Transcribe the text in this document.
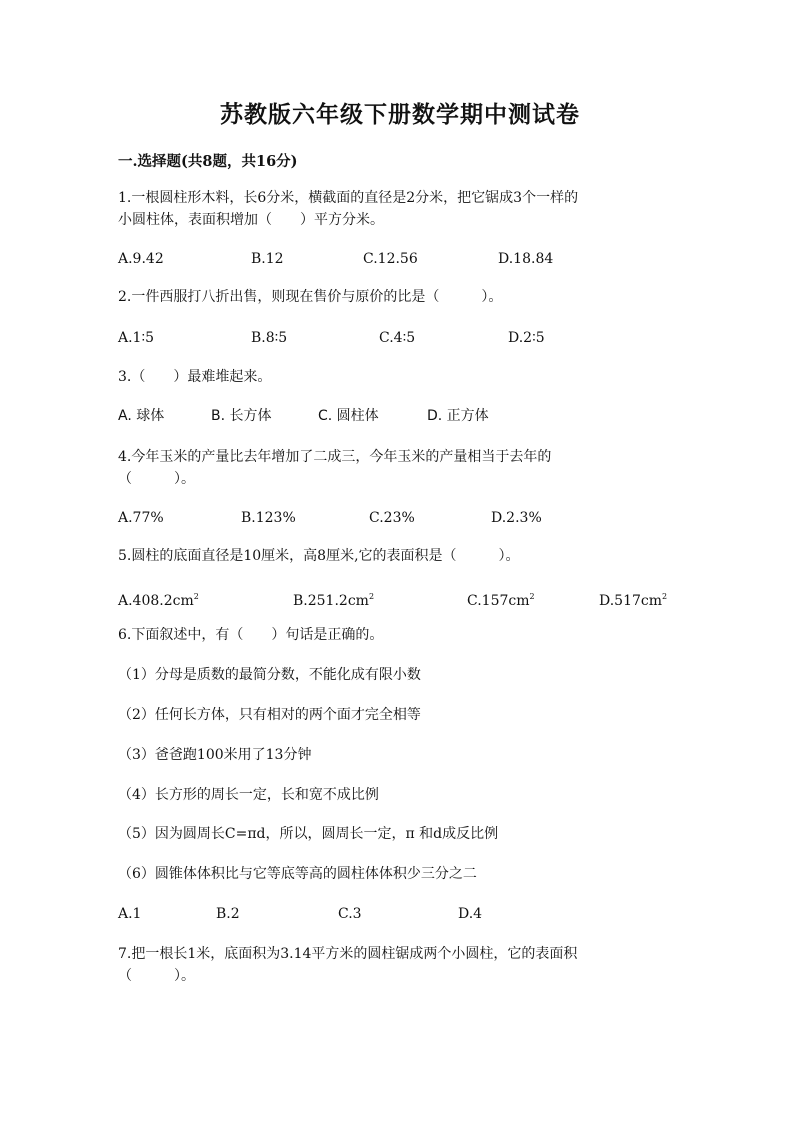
苏教版六年级下册数学期中测试卷
一.选择题(共8题，共16分)
1.一根圆柱形木料，长6分米，横截面的直径是2分米，把它锯成3个一样的
小圆柱体，表面积增加（　　）平方分米。
A.9.42	B.12	C.12.56	D.18.84
2.一件西服打八折出售，则现在售价与原价的比是（　　　）。
A.1∶5	B.8∶5	C.4∶5	D.2∶5
3.（　　）最难堆起来。
A. 球体	B. 长方体	C. 圆柱体	D. 正方体
4.今年玉米的产量比去年增加了二成三，今年玉米的产量相当于去年的
（　　　）。
A.77%	B.123%	C.23%	D.2.3%
5.圆柱的底面直径是10厘米，高8厘米,它的表面积是（　　　）。
$A.408.2cm^2$	$B.251.2cm^2$	$C.157cm^2$	$D.517cm^2$
6.下面叙述中，有（　　）句话是正确的。
（1）分母是质数的最简分数，不能化成有限小数
（2）任何长方体，只有相对的两个面才完全相等
（3）爸爸跑100米用了13分钟
（4）长方形的周长一定，长和宽不成比例
（5）因为圆周长C=πd，所以，圆周长一定，π 和d成反比例
（6）圆锥体体积比与它等底等高的圆柱体体积少三分之二
A.1	B.2	C.3	D.4
7.把一根长1米，底面积为3.14平方米的圆柱锯成两个小圆柱，它的表面积
（　　　）。
